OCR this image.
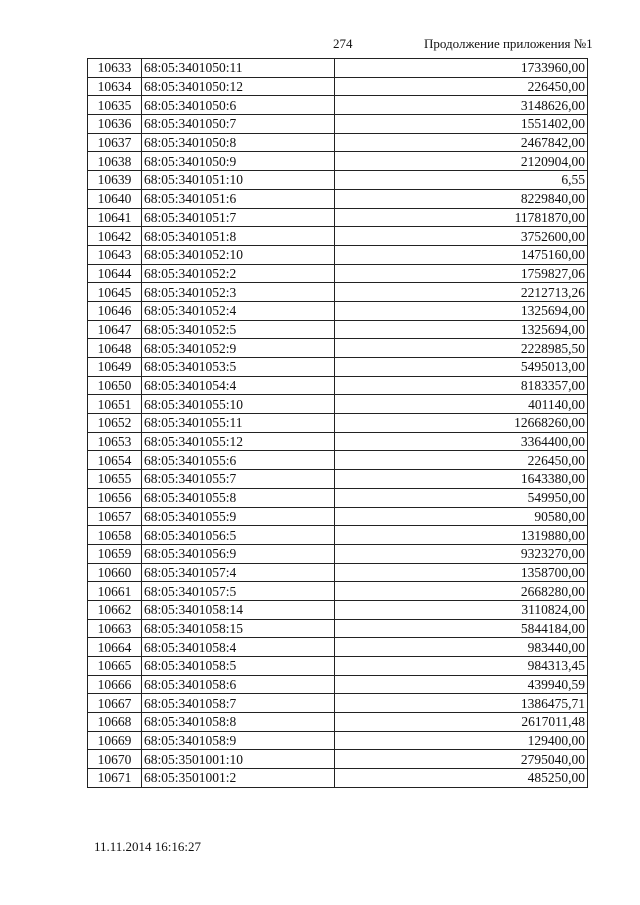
274	Продолжение приложения №1
10633	68:05:3401050:11	1733960,00
10634	68:05:3401050:12	226450,00
10635	68:05:3401050:6	3148626,00
10636	68:05:3401050:7	1551402,00
10637	68:05:3401050:8	2467842,00
10638	68:05:3401050:9	2120904,00
10639	68:05:3401051:10	6,55
10640	68:05:3401051:6	8229840,00
10641	68:05:3401051:7	11781870,00
10642	68:05:3401051:8	3752600,00
10643	68:05:3401052:10	1475160,00
10644	68:05:3401052:2	1759827,06
10645	68:05:3401052:3	2212713,26
10646	68:05:3401052:4	1325694,00
10647	68:05:3401052:5	1325694,00
10648	68:05:3401052:9	2228985,50
10649	68:05:3401053:5	5495013,00
10650	68:05:3401054:4	8183357,00
10651	68:05:3401055:10	401140,00
10652	68:05:3401055:11	12668260,00
10653	68:05:3401055:12	3364400,00
10654	68:05:3401055:6	226450,00
10655	68:05:3401055:7	1643380,00
10656	68:05:3401055:8	549950,00
10657	68:05:3401055:9	90580,00
10658	68:05:3401056:5	1319880,00
10659	68:05:3401056:9	9323270,00
10660	68:05:3401057:4	1358700,00
10661	68:05:3401057:5	2668280,00
10662	68:05:3401058:14	3110824,00
10663	68:05:3401058:15	5844184,00
10664	68:05:3401058:4	983440,00
10665	68:05:3401058:5	984313,45
10666	68:05:3401058:6	439940,59
10667	68:05:3401058:7	1386475,71
10668	68:05:3401058:8	2617011,48
10669	68:05:3401058:9	129400,00
10670	68:05:3501001:10	2795040,00
10671	68:05:3501001:2	485250,00
11.11.2014 16:16:27
